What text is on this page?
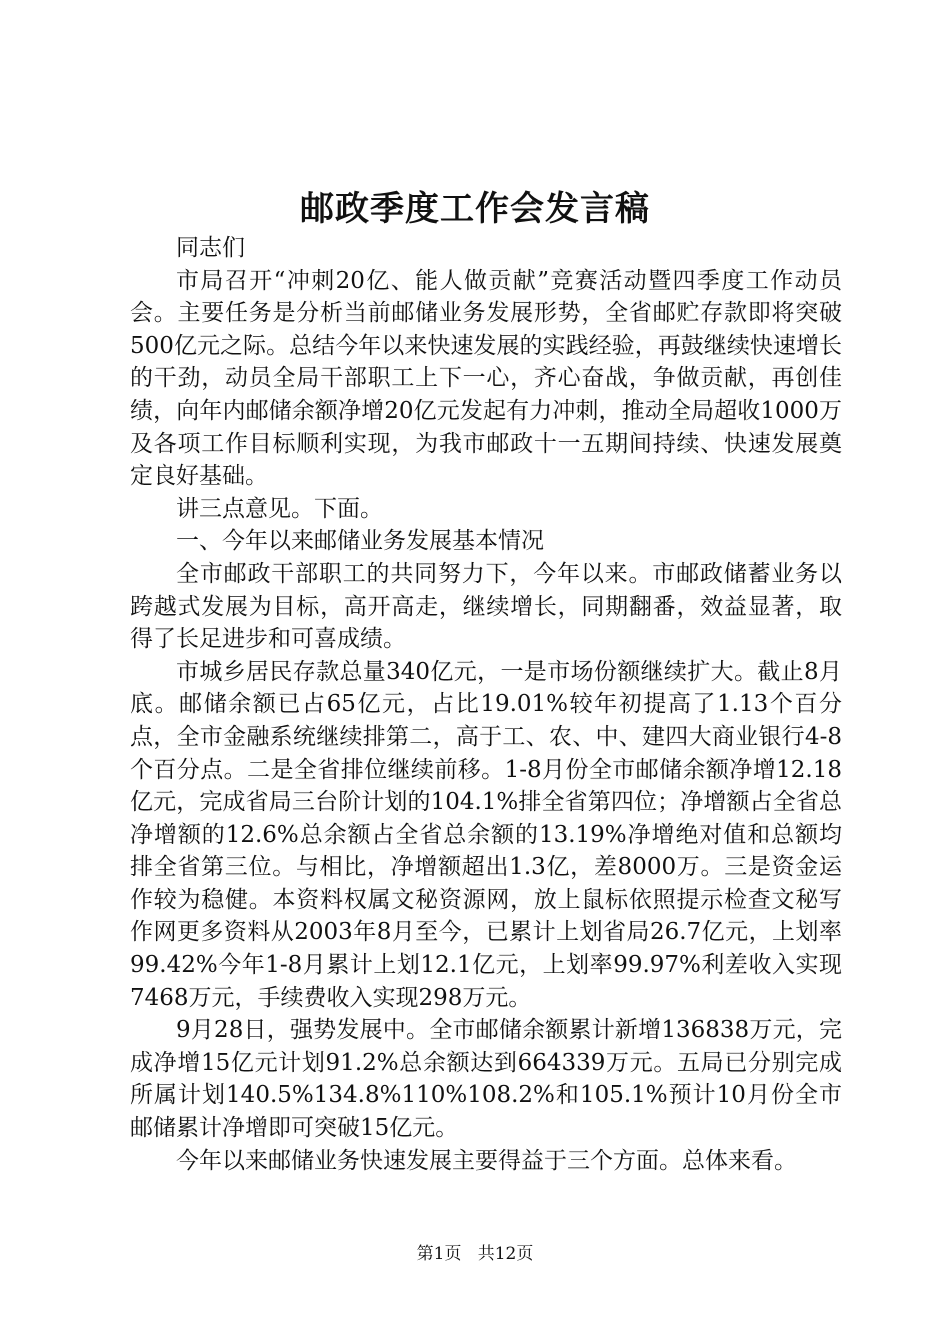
邮政季度工作会发言稿

同志们

市局召开“冲刺20亿、能人做贡献”竞赛活动暨四季度工作动员会。主要任务是分析当前邮储业务发展形势，全省邮贮存款即将突破500亿元之际。总结今年以来快速发展的实践经验，再鼓继续快速增长的干劲，动员全局干部职工上下一心，齐心奋战，争做贡献，再创佳绩，向年内邮储余额净增20亿元发起有力冲刺，推动全局超收1000万及各项工作目标顺利实现，为我市邮政十一五期间持续、快速发展奠定良好基础。

讲三点意见。下面。

一、今年以来邮储业务发展基本情况

全市邮政干部职工的共同努力下，今年以来。市邮政储蓄业务以跨越式发展为目标，高开高走，继续增长，同期翻番，效益显著，取得了长足进步和可喜成绩。

市城乡居民存款总量340亿元，一是市场份额继续扩大。截止8月底。邮储余额已占65亿元，占比19.01%较年初提高了1.13个百分点，全市金融系统继续排第二，高于工、农、中、建四大商业银行4-8个百分点。二是全省排位继续前移。1-8月份全市邮储余额净增12.18亿元，完成省局三台阶计划的104.1%排全省第四位；净增额占全省总净增额的12.6%总余额占全省总余额的13.19%净增绝对值和总额均排全省第三位。与相比，净增额超出1.3亿，差8000万。三是资金运作较为稳健。本资料权属文秘资源网，放上鼠标依照提示检查文秘写作网更多资料从2003年8月至今，已累计上划省局26.7亿元，上划率99.42%今年1-8月累计上划12.1亿元，上划率99.97%利差收入实现7468万元，手续费收入实现298万元。

9月28日，强势发展中。全市邮储余额累计新增136838万元，完成净增15亿元计划91.2%总余额达到664339万元。五局已分别完成所属计划140.5%134.8%110%108.2%和105.1%预计10月份全市邮储累计净增即可突破15亿元。

今年以来邮储业务快速发展主要得益于三个方面。总体来看。

第1页 共12页
